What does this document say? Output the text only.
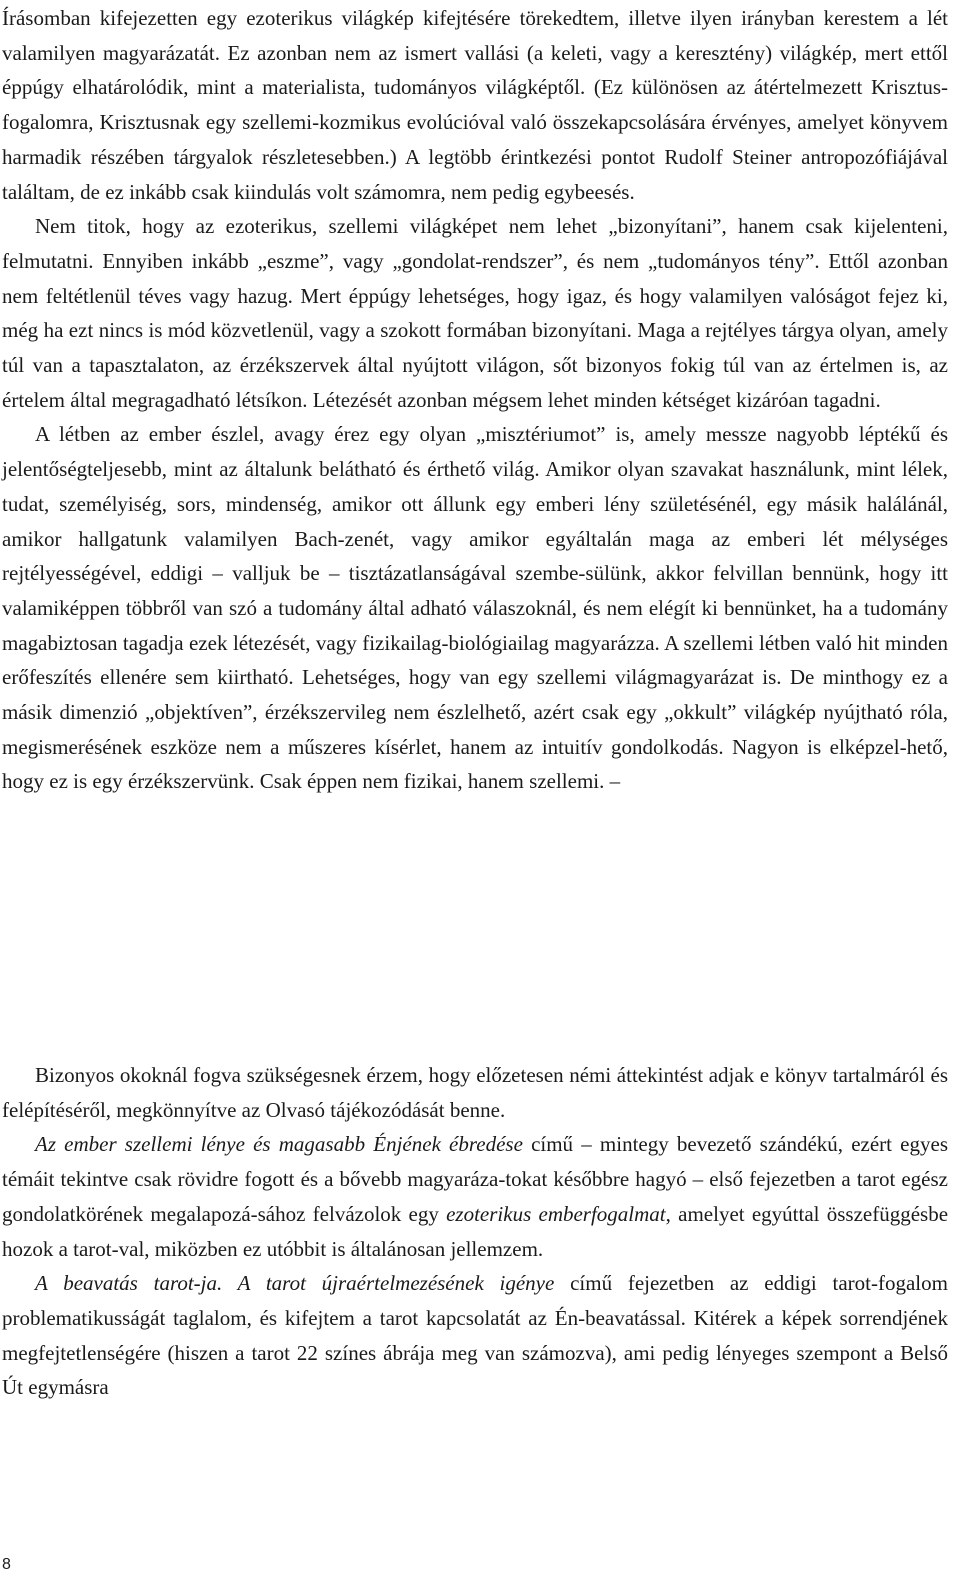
Írásomban kifejezetten egy ezoterikus világkép kifejtésére törekedtem, illetve ilyen irányban kerestem a lét valamilyen magyarázatát. Ez azonban nem az ismert vallási (a keleti, vagy a keresztény) világkép, mert ettől éppúgy elhatárolódik, mint a materialista, tudományos világképtől. (Ez különösen az átértelmezett Krisztus-fogalomra, Krisztusnak egy szellemi-kozmikus evolúcióval való összekapcsolására érvényes, amelyet könyvem harmadik részében tárgyalok részletesebben.) A legtöbb érintkezési pontot Rudolf Steiner antropozófiájával találtam, de ez inkább csak kiindulás volt számomra, nem pedig egybeesés.

Nem titok, hogy az ezoterikus, szellemi világképet nem lehet „bizonyítani”, hanem csak kijelenteni, felmutatni. Ennyiben inkább „eszme”, vagy „gondolat-rendszer”, és nem „tudományos tény”. Ettől azonban nem feltétlenül téves vagy hazug. Mert éppúgy lehetséges, hogy igaz, és hogy valamilyen valóságot fejez ki, még ha ezt nincs is mód közvetlenül, vagy a szokott formában bizonyítani. Maga a rejtélyes tárgya olyan, amely túl van a tapasztalaton, az érzékszervek által nyújtott világon, sőt bizonyos fokig túl van az értelmen is, az értelem által megragadható létsíkon. Létezését azonban mégsem lehet minden kétséget kizáróan tagadni.

A létben az ember észlel, avagy érez egy olyan „misztériumot” is, amely messze nagyobb léptékű és jelentőségteljesebb, mint az általunk belátható és érthető világ. Amikor olyan szavakat használunk, mint lélek, tudat, személyiség, sors, mindenség, amikor ott állunk egy emberi lény születésénél, egy másik halálánál, amikor hallgatunk valamilyen Bach-zenét, vagy amikor egyáltalán maga az emberi lét mélységes rejtélyességével, eddigi – valljuk be – tisztázatlanságával szembe-sülünk, akkor felvillan bennünk, hogy itt valamiképpen többről van szó a tudomány által adható válaszoknál, és nem elégít ki bennünket, ha a tudomány magabiztosan tagadja ezek létezését, vagy fizikailag-biológiailag magyarázza. A szellemi létben való hit minden erőfeszítés ellenére sem kiirtható. Lehetséges, hogy van egy szellemi világmagyarázat is. De minthogy ez a másik dimenzió „objektíven”, érzékszervileg nem észlelhető, azért csak egy „okkult” világkép nyújtható róla, megismerésének eszköze nem a műszeres kísérlet, hanem az intuitív gondolkodás. Nagyon is elképzel-hető, hogy ez is egy érzékszervünk. Csak éppen nem fizikai, hanem szellemi. –

Bizonyos okoknál fogva szükségesnek érzem, hogy előzetesen némi áttekintést adjak e könyv tartalmáról és felépítéséről, megkönnyítve az Olvasó tájékozódását benne.

Az ember szellemi lénye és magasabb Énjének ébredése című – mintegy bevezető szándékú, ezért egyes témáit tekintve csak rövidre fogott és a bővebb magyaráza-tokat későbbre hagyó – első fejezetben a tarot egész gondolatkörének megalapozá-sához felvázolok egy ezoterikus emberfogalmat, amelyet egyúttal összefüggésbe hozok a tarot-val, miközben ez utóbbit is általánosan jellemzem.

A beavatás tarot-ja. A tarot újraértelmezésének igénye című fejezetben az eddigi tarot-fogalom problematikusságát taglalom, és kifejtem a tarot kapcsolatát az Én-beavatással. Kitérek a képek sorrendjének megfejtetlenségére (hiszen a tarot 22 színes ábrája meg van számozva), ami pedig lényeges szempont a Belső Út egymásra

8
